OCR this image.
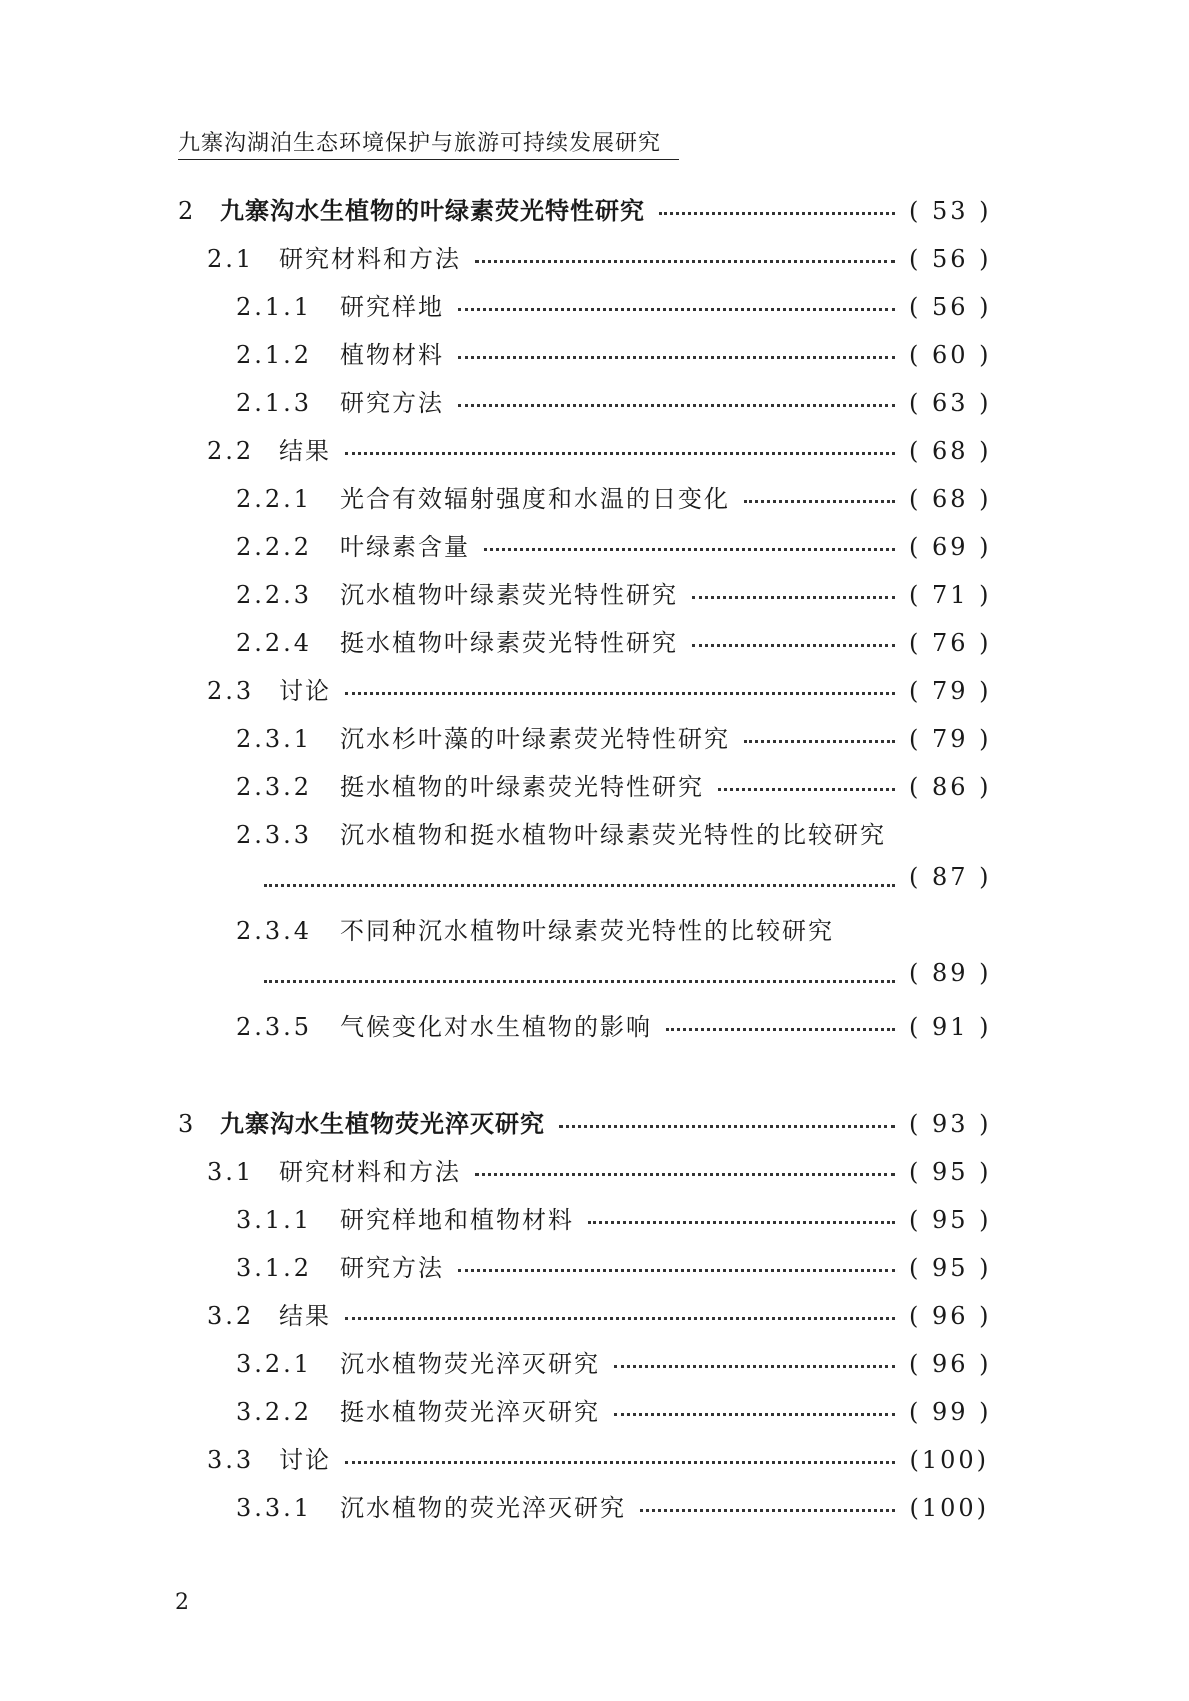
九寨沟湖泊生态环境保护与旅游可持续发展研究
2 九寨沟水生植物的叶绿素荧光特性研究	( 53 )
2.1	研究材料和方法	( 56 )
2.1.1	研究样地	( 56 )
2.1.2	植物材料	( 60 )
2.1.3	研究方法	( 63 )
2.2	结果	( 68 )
2.2.1	光合有效辐射强度和水温的日变化	( 68 )
2.2.2	叶绿素含量	( 69 )
2.2.3	沉水植物叶绿素荧光特性研究	( 71 )
2.2.4	挺水植物叶绿素荧光特性研究	( 76 )
2.3	讨论	( 79 )
2.3.1	沉水杉叶藻的叶绿素荧光特性研究	( 79 )
2.3.2	挺水植物的叶绿素荧光特性研究	( 86 )
2.3.3	沉水植物和挺水植物叶绿素荧光特性的比较研究
( 87 )
2.3.4	不同种沉水植物叶绿素荧光特性的比较研究
( 89 )
2.3.5	气候变化对水生植物的影响	( 91 )
3 九寨沟水生植物荧光淬灭研究	( 93 )
3.1	研究材料和方法	( 95 )
3.1.1	研究样地和植物材料	( 95 )
3.1.2	研究方法	( 95 )
3.2	结果	( 96 )
3.2.1	沉水植物荧光淬灭研究	( 96 )
3.2.2	挺水植物荧光淬灭研究	( 99 )
3.3	讨论	(100)
3.3.1	沉水植物的荧光淬灭研究	(100)
2
